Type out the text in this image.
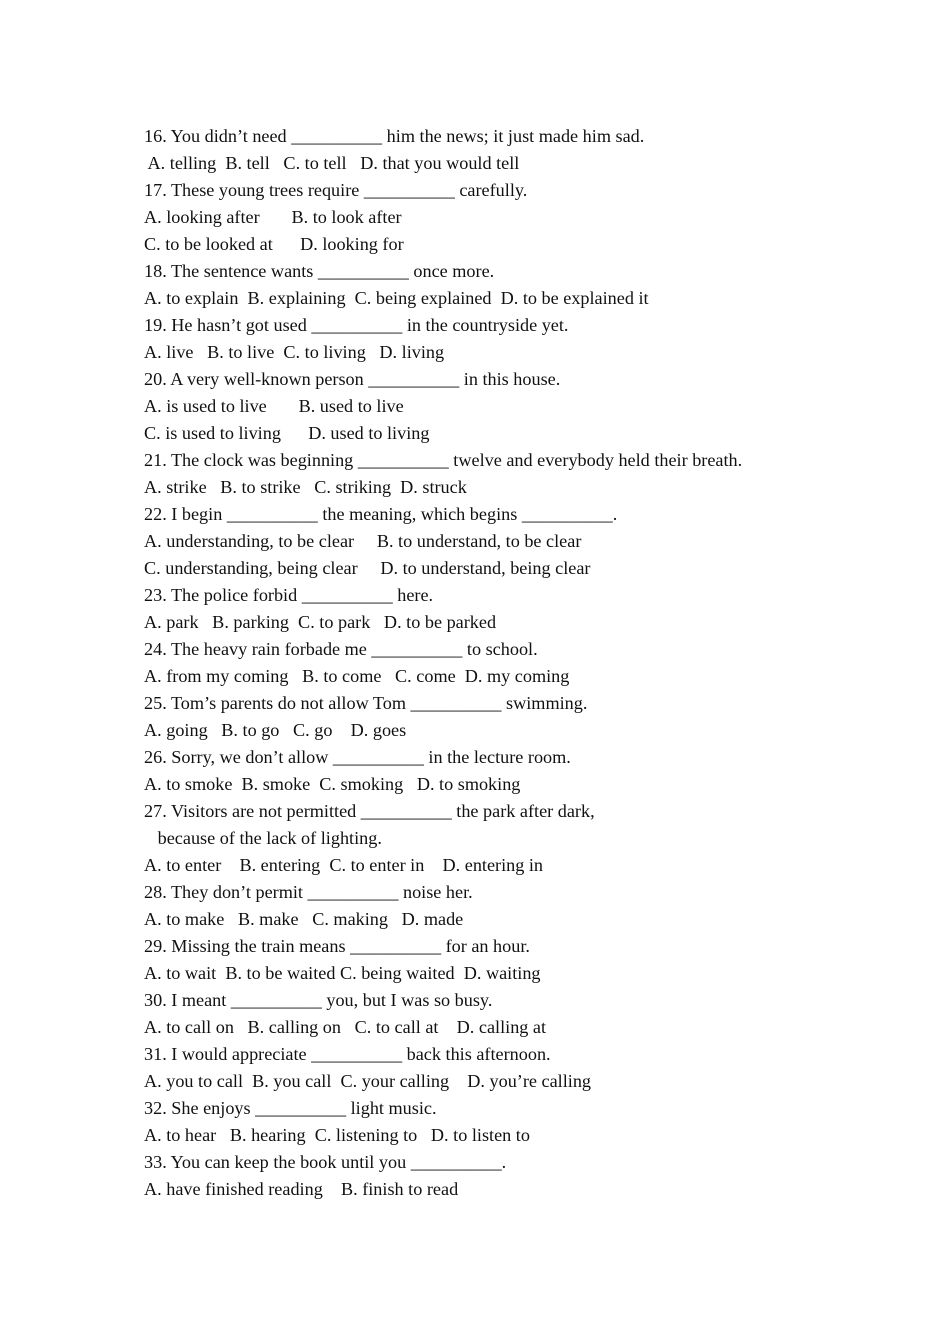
16. You didn’t need __________ him the news; it just made him sad.
A. telling  B. tell   C. to tell   D. that you would tell
17. These young trees require __________ carefully.
A. looking after       B. to look after
C. to be looked at      D. looking for
18. The sentence wants __________ once more.
A. to explain  B. explaining  C. being explained  D. to be explained it
19. He hasn’t got used __________ in the countryside yet.
A. live   B. to live  C. to living   D. living
20. A very well-known person __________ in this house.
A. is used to live       B. used to live
C. is used to living      D. used to living
21. The clock was beginning __________ twelve and everybody held their breath.
A. strike   B. to strike   C. striking  D. struck
22. I begin __________ the meaning, which begins __________.
A. understanding, to be clear     B. to understand, to be clear
C. understanding, being clear     D. to understand, being clear
23. The police forbid __________ here.
A. park   B. parking  C. to park   D. to be parked
24. The heavy rain forbade me __________ to school.
A. from my coming   B. to come   C. come  D. my coming
25. Tom’s parents do not allow Tom __________ swimming.
A. going   B. to go   C. go    D. goes
26. Sorry, we don’t allow __________ in the lecture room.
A. to smoke  B. smoke  C. smoking   D. to smoking
27. Visitors are not permitted __________ the park after dark,
because of the lack of lighting.
A. to enter    B. entering  C. to enter in    D. entering in
28. They don’t permit __________ noise her.
A. to make   B. make   C. making   D. made
29. Missing the train means __________ for an hour.
A. to wait  B. to be waited C. being waited  D. waiting
30. I meant __________ you, but I was so busy.
A. to call on   B. calling on   C. to call at    D. calling at
31. I would appreciate __________ back this afternoon.
A. you to call  B. you call  C. your calling    D. you’re calling
32. She enjoys __________ light music.
A. to hear   B. hearing  C. listening to   D. to listen to
33. You can keep the book until you __________.
A. have finished reading    B. finish to read
